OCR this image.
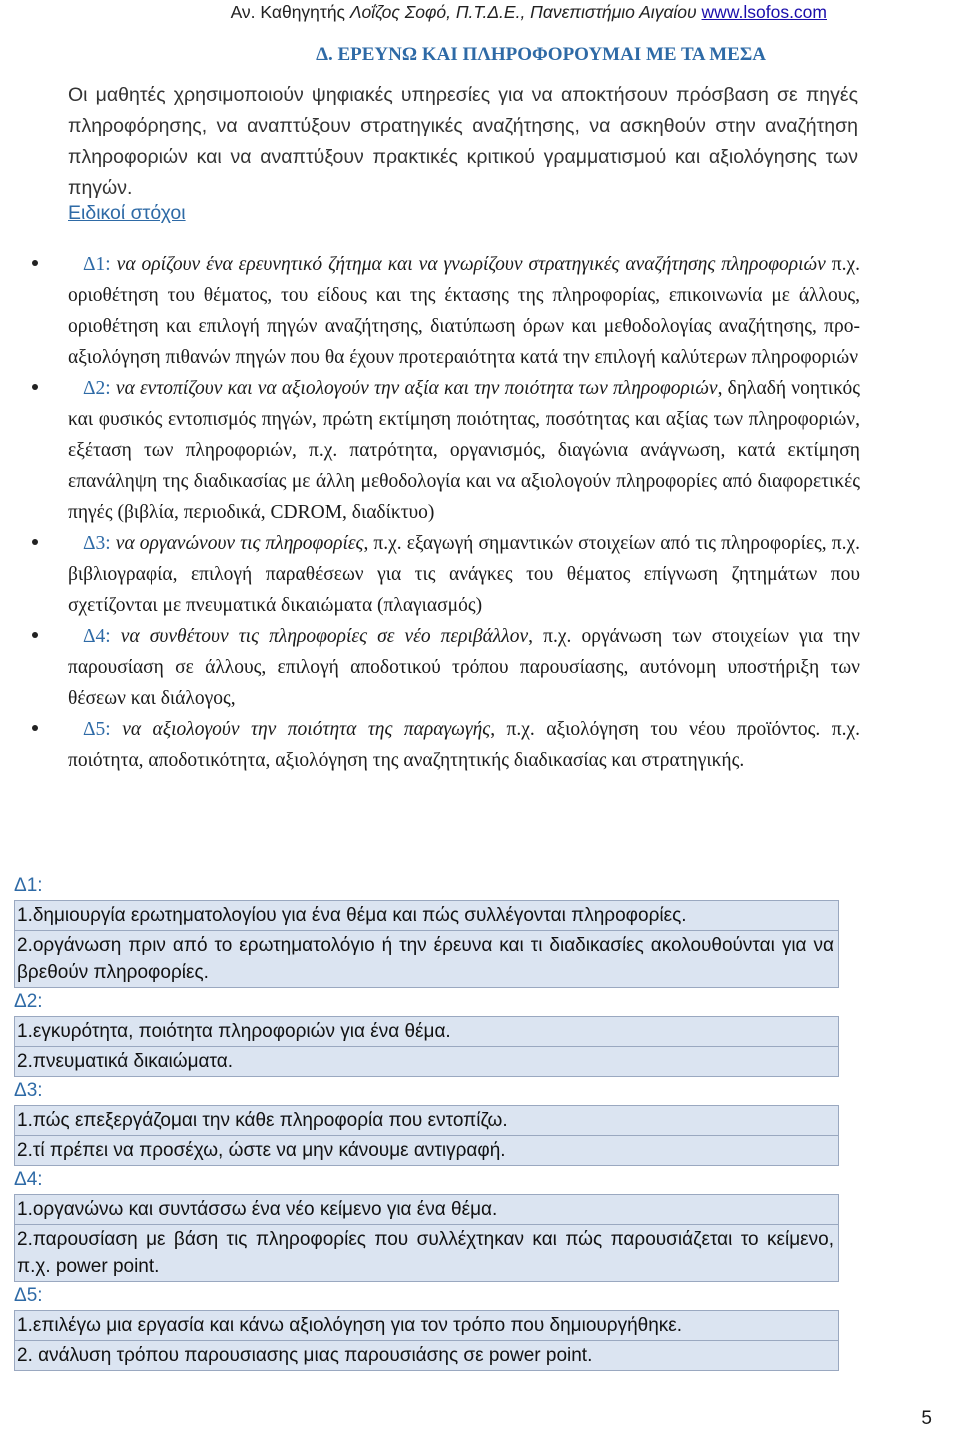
Αν. Καθηγητής Λοΐζος Σοφό, Π.Τ.Δ.Ε., Πανεπιστήμιο Αιγαίου www.lsofos.com
Δ. ΕΡΕΥΝΩ ΚΑΙ ΠΛΗΡΟΦΟΡΟΥΜΑΙ ΜΕ ΤΑ ΜΕΣΑ
Οι μαθητές χρησιμοποιούν ψηφιακές υπηρεσίες για να αποκτήσουν πρόσβαση σε πηγές πληροφόρησης, να αναπτύξουν στρατηγικές αναζήτησης, να ασκηθούν στην αναζήτηση πληροφοριών και να αναπτύξουν πρακτικές κριτικού γραμματισμού και αξιολόγησης των πηγών.
Ειδικοί στόχοι

Δ1: να ορίζουν ένα ερευνητικό ζήτημα και να γνωρίζουν στρατηγικές αναζήτησης πληροφοριών π.χ. οριοθέτηση του θέματος, του είδους και της έκτασης της πληροφορίας, επικοινωνία με άλλους, οριοθέτηση και επιλογή πηγών αναζήτησης, διατύπωση όρων και μεθοδολογίας αναζήτησης, προ-αξιολόγηση πιθανών πηγών που θα έχουν προτεραιότητα κατά την επιλογή καλύτερων πληροφοριών

Δ2: να εντοπίζουν και να αξιολογούν την αξία και την ποιότητα των πληροφοριών, δηλαδή νοητικός και φυσικός εντοπισμός πηγών, πρώτη εκτίμηση ποιότητας, ποσότητας και αξίας των πληροφοριών, εξέταση των πληροφοριών, π.χ. πατρότητα, οργανισμός, διαγώνια ανάγνωση, κατά εκτίμηση επανάληψη της διαδικασίας με άλλη μεθοδολογία και να αξιολογούν πληροφορίες από διαφορετικές πηγές (βιβλία, περιοδικά, CDROM, διαδίκτυο)

Δ3: να οργανώνουν τις πληροφορίες, π.χ. εξαγωγή σημαντικών στοιχείων από τις πληροφορίες, π.χ. βιβλιογραφία, επιλογή παραθέσεων για τις ανάγκες του θέματος επίγνωση ζητημάτων που σχετίζονται με πνευματικά δικαιώματα (πλαγιασμός)

Δ4: να συνθέτουν τις πληροφορίες σε νέο περιβάλλον, π.χ. οργάνωση των στοιχείων για την παρουσίαση σε άλλους, επιλογή αποδοτικού τρόπου παρουσίασης, αυτόνομη υποστήριξη των θέσεων και διάλογος,

Δ5: να αξιολογούν την ποιότητα της παραγωγής, π.χ. αξιολόγηση του νέου προϊόντος. π.χ. ποιότητα, αποδοτικότητα, αξιολόγηση της αναζητητικής διαδικασίας και στρατηγικής.

Δ1:
1.δημιουργία ερωτηματολογίου για ένα θέμα και πώς συλλέγονται πληροφορίες.
2.οργάνωση πριν από το ερωτηματολόγιο ή την έρευνα και τι διαδικασίες ακολουθούνται για να βρεθούν πληροφορίες.
Δ2:
1.εγκυρότητα, ποιότητα πληροφοριών για ένα θέμα.
2.πνευματικά δικαιώματα.
Δ3:
1.πώς επεξεργάζομαι την κάθε πληροφορία που εντοπίζω.
2.τί πρέπει να προσέχω, ώστε να μην κάνουμε αντιγραφή.
Δ4:
1.οργανώνω και συντάσσω ένα νέο κείμενο για ένα θέμα.
2.παρουσίαση με βάση τις πληροφορίες που συλλέχτηκαν και πώς παρουσιάζεται το κείμενο, π.χ. power point.
Δ5:
1.επιλέγω μια εργασία και κάνω αξιολόγηση για τον τρόπο που δημιουργήθηκε.
2. ανάλυση τρόπου παρουσιασης μιας παρουσιάσης σε power point.
5
